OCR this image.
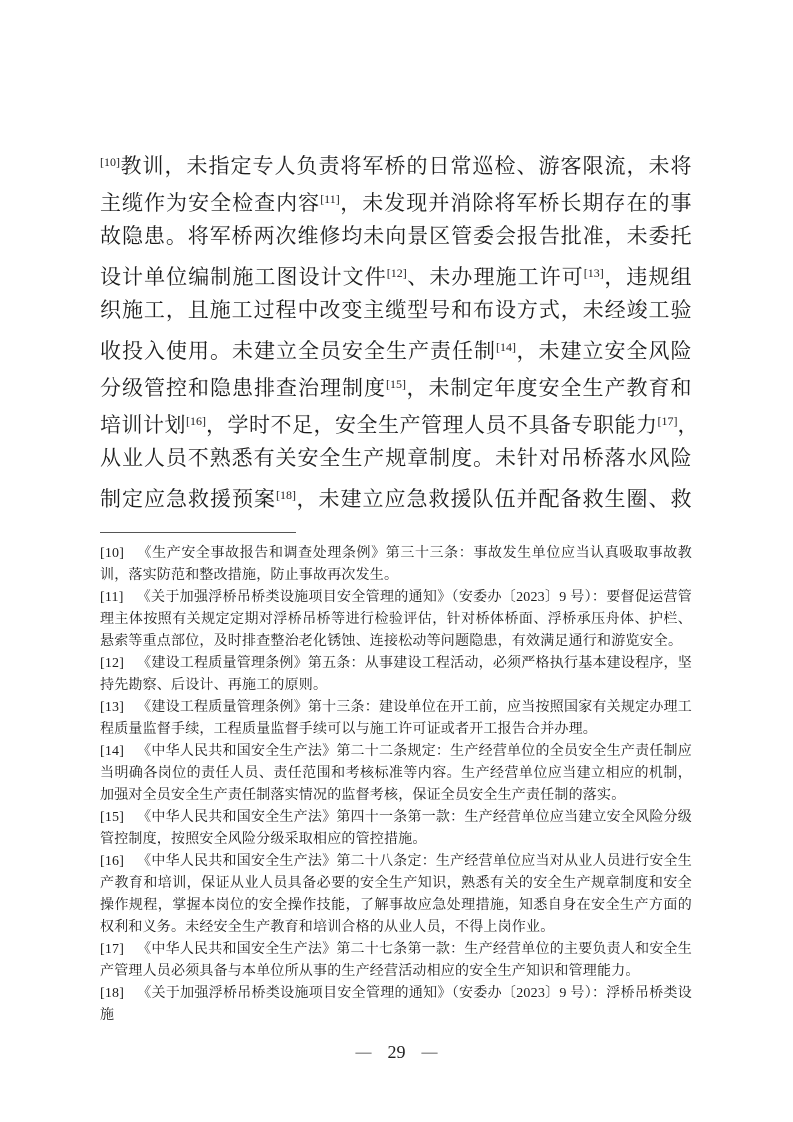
[10]教训，未指定专人负责将军桥的日常巡检、游客限流，未将
主缆作为安全检查内容[11]，未发现并消除将军桥长期存在的事
故隐患。将军桥两次维修均未向景区管委会报告批准，未委托
设计单位编制施工图设计文件[12]、未办理施工许可[13]，违规组
织施工，且施工过程中改变主缆型号和布设方式，未经竣工验
收投入使用。未建立全员安全生产责任制[14]，未建立安全风险
分级管控和隐患排查治理制度[15]，未制定年度安全生产教育和
培训计划[16]，学时不足，安全生产管理人员不具备专职能力[17]，
从业人员不熟悉有关安全生产规章制度。未针对吊桥落水风险
制定应急救援预案[18]，未建立应急救援队伍并配备救生圈、救

[10] 《生产安全事故报告和调查处理条例》第三十三条：事故发生单位应当认真吸取事故教训，落实防范和整改措施，防止事故再次发生。

[11] 《关于加强浮桥吊桥类设施项目安全管理的通知》（安委办〔2023〕9 号）：要督促运营管理主体按照有关规定定期对浮桥吊桥等进行检验评估，针对桥体桥面、浮桥承压舟体、护栏、悬索等重点部位，及时排查整治老化锈蚀、连接松动等问题隐患，有效满足通行和游览安全。

[12] 《建设工程质量管理条例》第五条：从事建设工程活动，必须严格执行基本建设程序，坚持先勘察、后设计、再施工的原则。

[13] 《建设工程质量管理条例》第十三条：建设单位在开工前，应当按照国家有关规定办理工程质量监督手续，工程质量监督手续可以与施工许可证或者开工报告合并办理。

[14] 《中华人民共和国安全生产法》第二十二条规定：生产经营单位的全员安全生产责任制应当明确各岗位的责任人员、责任范围和考核标准等内容。生产经营单位应当建立相应的机制，加强对全员安全生产责任制落实情况的监督考核，保证全员安全生产责任制的落实。

[15] 《中华人民共和国安全生产法》第四十一条第一款：生产经营单位应当建立安全风险分级管控制度，按照安全风险分级采取相应的管控措施。

[16] 《中华人民共和国安全生产法》第二十八条定：生产经营单位应当对从业人员进行安全生产教育和培训，保证从业人员具备必要的安全生产知识，熟悉有关的安全生产规章制度和安全操作规程，掌握本岗位的安全操作技能，了解事故应急处理措施，知悉自身在安全生产方面的权利和义务。未经安全生产教育和培训合格的从业人员，不得上岗作业。

[17] 《中华人民共和国安全生产法》第二十七条第一款：生产经营单位的主要负责人和安全生产管理人员必须具备与本单位所从事的生产经营活动相应的安全生产知识和管理能力。

[18] 《关于加强浮桥吊桥类设施项目安全管理的通知》（安委办〔2023〕9 号）：浮桥吊桥类设施

— 29 —
